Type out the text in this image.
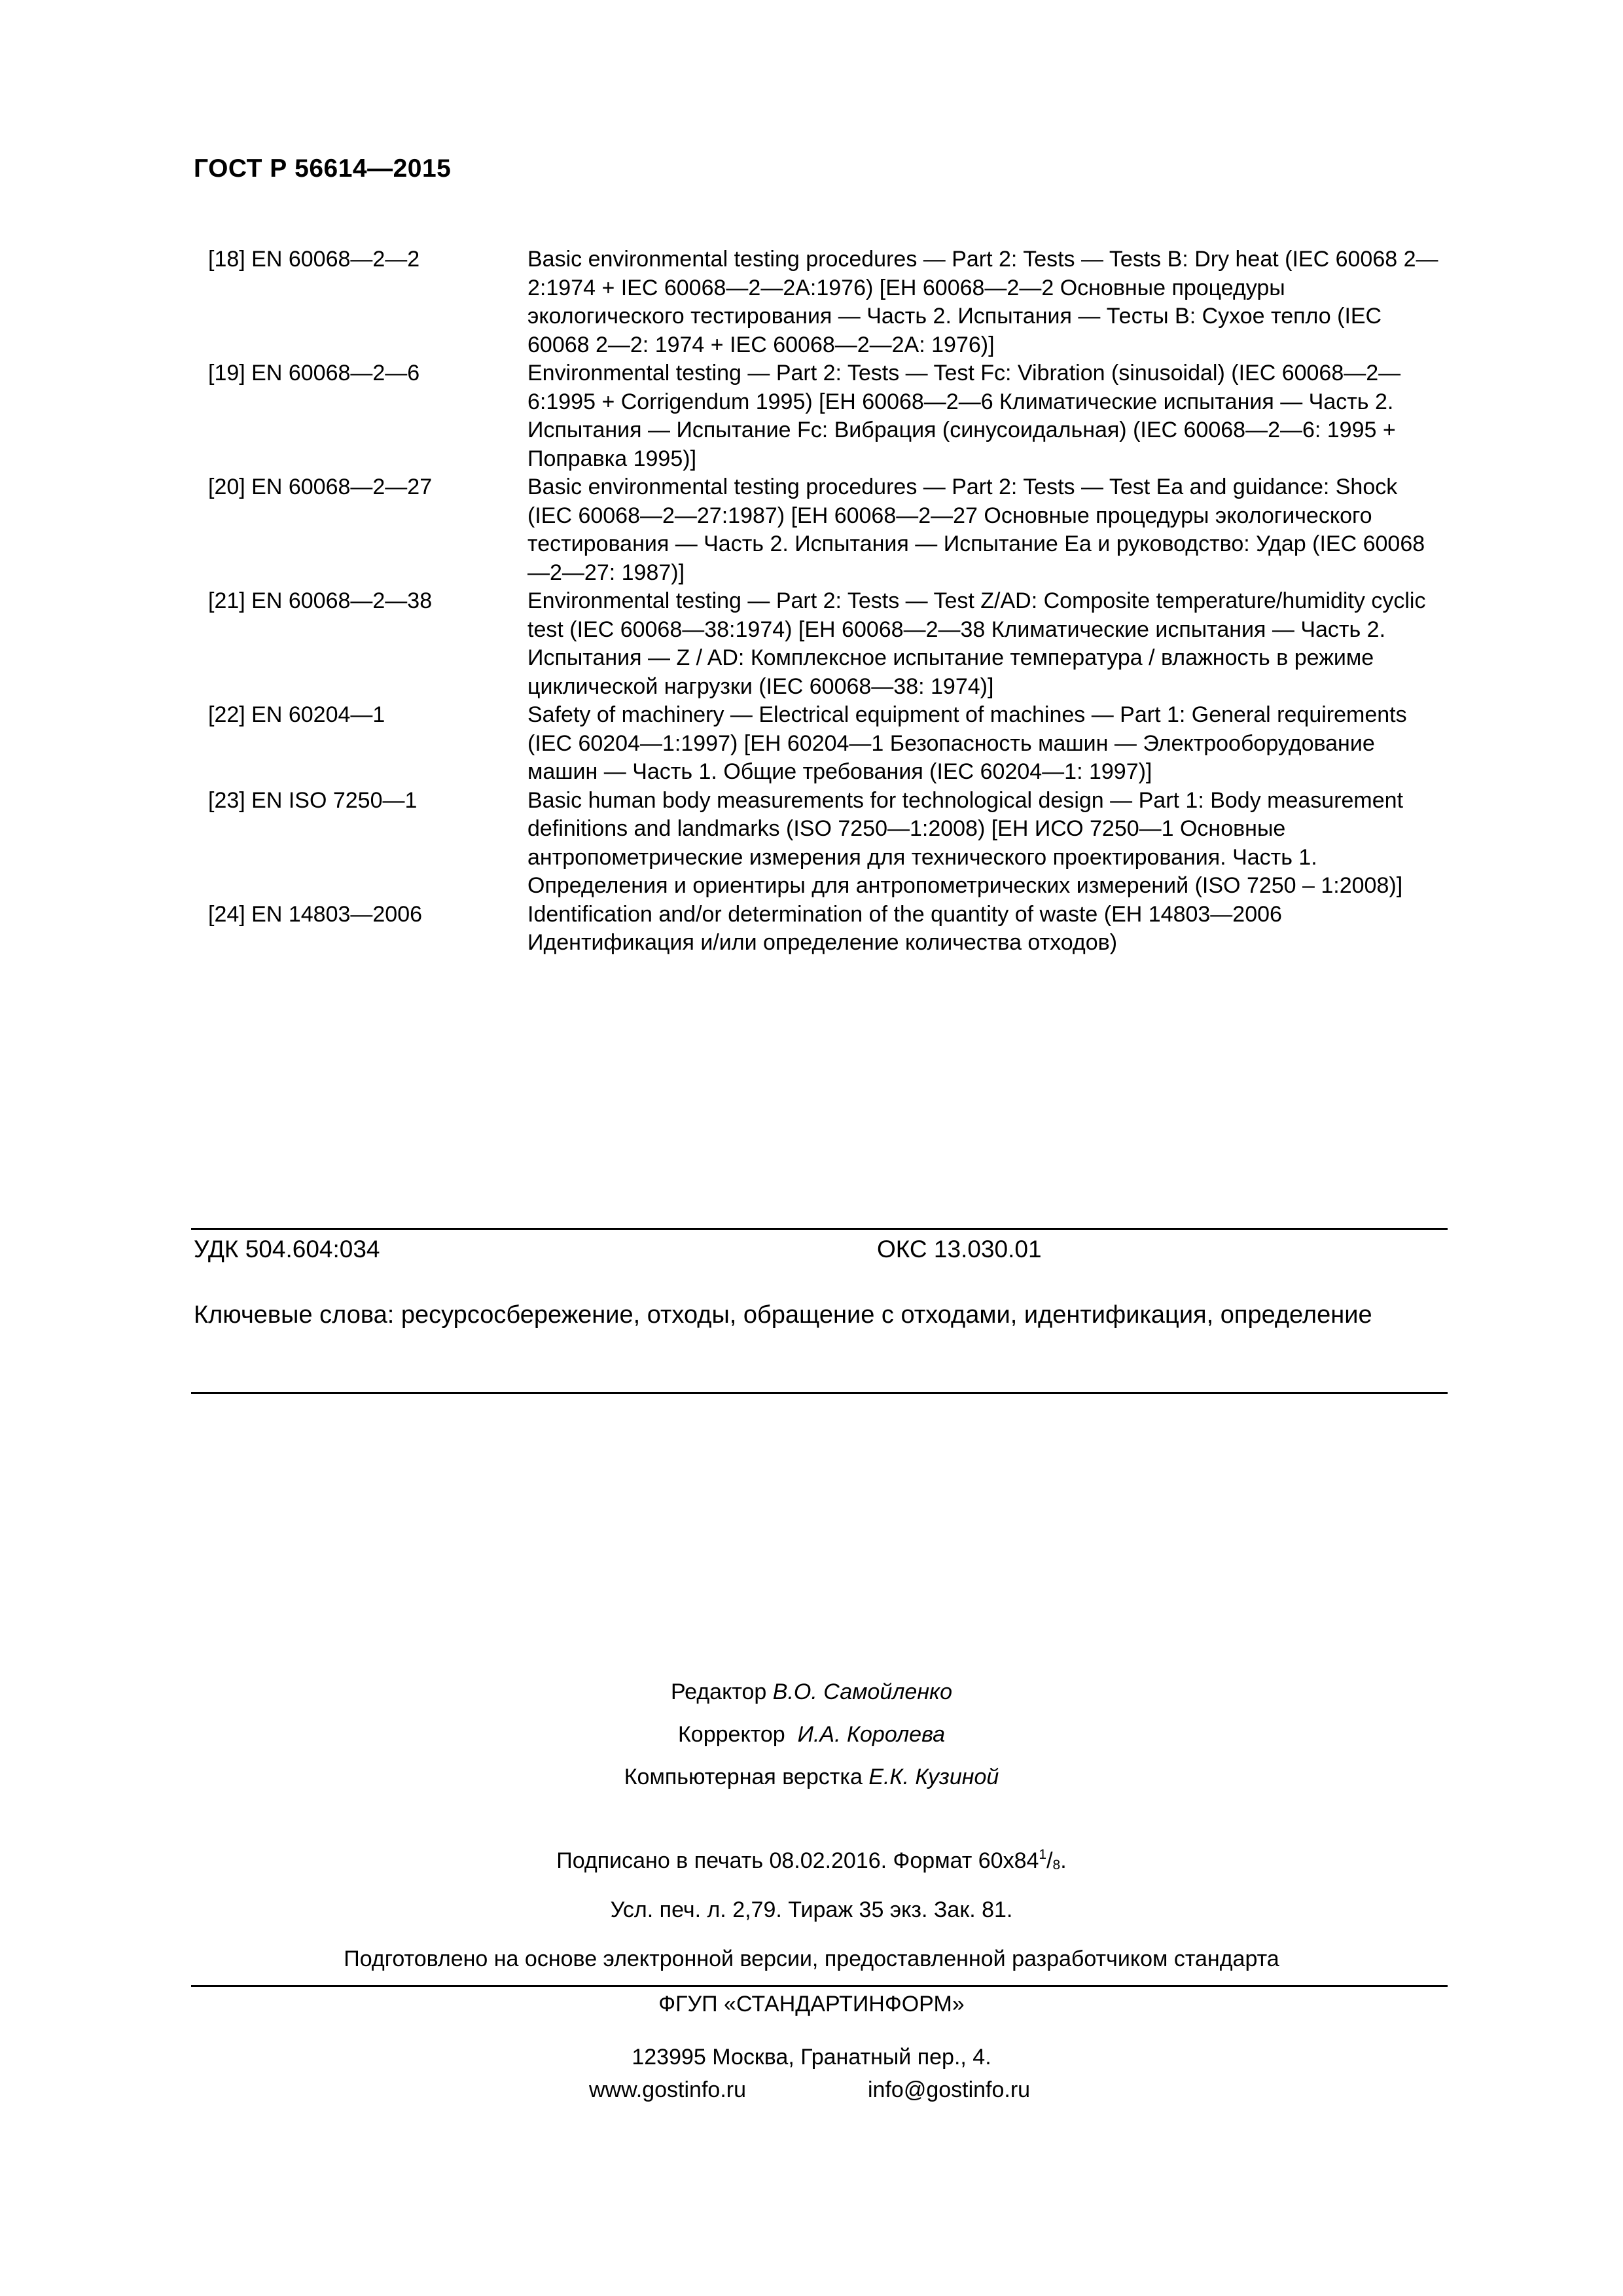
ГОСТ Р 56614—2015
[18] EN 60068—2—2	Basic environmental testing procedures — Part 2: Tests — Tests B: Dry heat (IEC 60068 2—2:1974 + IEC 60068—2—2A:1976) [ЕН 60068—2—2 Основные процедуры экологического тестирования — Часть 2. Испытания — Тесты B: Сухое тепло (IEC 60068 2—2: 1974 + IEC 60068—2—2A: 1976)]
[19] EN 60068—2—6	Environmental testing — Part 2: Tests — Test Fc: Vibration (sinusoidal) (IEC 60068—2—6:1995 + Corrigendum 1995) [ЕН 60068—2—6 Климатические испытания — Часть 2. Испытания — Испытание Fc: Вибрация (синусоидальная) (IEC 60068—2—6: 1995 + Поправка 1995)]
[20] EN 60068—2—27	Basic environmental testing procedures — Part 2: Tests — Test Ea and guidance: Shock (IEC 60068—2—27:1987) [ЕН 60068—2—27 Основные процедуры экологического тестирования — Часть 2. Испытания — Испытание Ea и руководство: Удар (IEC 60068—2—27: 1987)]
[21] EN 60068—2—38	Environmental testing — Part 2: Tests — Test Z/AD: Composite temperature/humidity cyclic test (IEC 60068—38:1974) [ЕН 60068—2—38 Климатические испытания — Часть 2. Испытания — Z / AD: Комплексное испытание температура / влажность в режиме циклической нагрузки (IEC 60068—38: 1974)]
[22] EN 60204—1	Safety of machinery — Electrical equipment of machines — Part 1: General requirements (IEC 60204—1:1997) [ЕН 60204—1 Безопасность машин — Электрооборудование машин — Часть 1. Общие требования (IEC 60204—1: 1997)]
[23] EN ISO 7250—1	Basic human body measurements for technological design — Part 1: Body measurement definitions and landmarks (ISO 7250—1:2008) [ЕН ИСО 7250—1 Основные антропометрические измерения для технического проектирования. Часть 1. Определения и ориентиры для антропометрических измерений (ISO 7250 – 1:2008)]
[24] EN 14803—2006	Identification and/or determination of the quantity of waste (ЕН 14803—2006 Идентификация и/или определение количества отходов)
УДК 504.604:034	ОКС 13.030.01
Ключевые слова: ресурсосбережение, отходы, обращение с отходами, идентификация, определение
Редактор В.О. Самойленко
Корректор И.А. Королева
Компьютерная верстка Е.К. Кузиной
Подписано в печать 08.02.2016. Формат $60x84^1/_8$.
Усл. печ. л. 2,79. Тираж 35 экз. Зак. 81.
Подготовлено на основе электронной версии, предоставленной разработчиком стандарта
ФГУП «СТАНДАРТИНФОРМ»
123995 Москва, Гранатный пер., 4.
www.gostinfo.ru	info@gostinfo.ru
